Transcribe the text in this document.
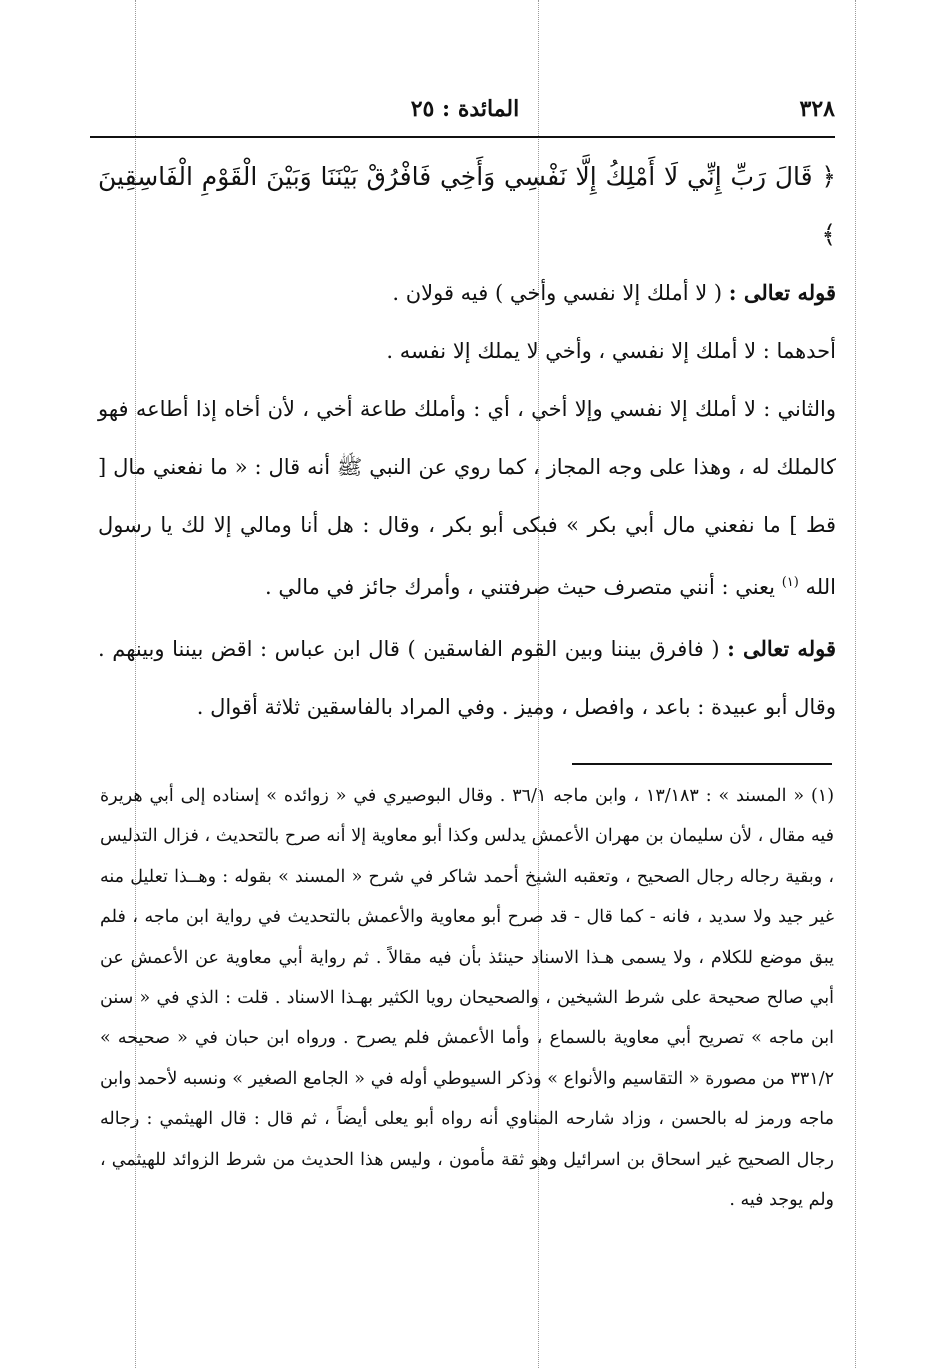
٣٢٨
المائدة : ٢٥

﴿ قَالَ رَبِّ إِنِّي لَا أَمْلِكُ إِلَّا نَفْسِي وَأَخِي فَافْرُقْ بَيْنَنَا وَبَيْنَ الْقَوْمِ الْفَاسِقِينَ ﴾

قوله تعالى : ( لا أملك إلا نفسي وأخي ) فيه قولان .

أحدهما : لا أملك إلا نفسي ، وأخي لا يملك إلا نفسه .

والثاني : لا أملك إلا نفسي وإلا أخي ، أي : وأملك طاعة أخي ، لأن أخاه إذا أطاعه فهو كالملك له ، وهذا على وجه المجاز ، كما روي عن النبي ﷺ أنه قال : « ما نفعني مال [ قط ] ما نفعني مال أبي بكر » فبكى أبو بكر ، وقال : هل أنا ومالي إلا لك يا رسول الله $^{(١)}$ يعني : أنني متصرف حيث صرفتني ، وأمرك جائز في مالي .

قوله تعالى : ( فافرق بيننا وبين القوم الفاسقين ) قال ابن عباس : اقض بيننا وبينهم . وقال أبو عبيدة : باعد ، وافصل ، وميز . وفي المراد بالفاسقين ثلاثة أقوال .

(١) « المسند » : ١٣/١٨٣ ، وابن ماجه ٣٦/١ . وقال البوصيري في « زوائده » إسناده إلى أبي هريرة فيه مقال ، لأن سليمان بن مهران الأعمش يدلس وكذا أبو معاوية إلا أنه صرح بالتحديث ، فزال التدليس ، وبقية رجاله رجال الصحيح ، وتعقبه الشيخ أحمد شاكر في شرح « المسند » بقوله : وهــذا تعليل منه غير جيد ولا سديد ، فانه - كما قال - قد صرح أبو معاوية والأعمش بالتحديث في رواية ابن ماجه ، فلم يبق موضع للكلام ، ولا يسمى هـذا الاسناد حينئذ بأن فيه مقالاً . ثم رواية أبي معاوية عن الأعمش عن أبي صالح صحيحة على شرط الشيخين ، والصحيحان رويا الكثير بهـذا الاسناد . قلت : الذي في « سنن ابن ماجه » تصريح أبي معاوية بالسماع ، وأما الأعمش فلم يصرح . ورواه ابن حبان في « صحيحه » ٣٣١/٢ من مصورة « التقاسيم والأنواع » وذكر السيوطي أوله في « الجامع الصغير » ونسبه لأحمد وابن ماجه ورمز له بالحسن ، وزاد شارحه المناوي أنه رواه أبو يعلى أيضاً ، ثم قال : قال الهيثمي : رجاله رجال الصحيح غير اسحاق بن اسرائيل وهو ثقة مأمون ، وليس هذا الحديث من شرط الزوائد للهيثمي ، ولم يوجد فيه .
